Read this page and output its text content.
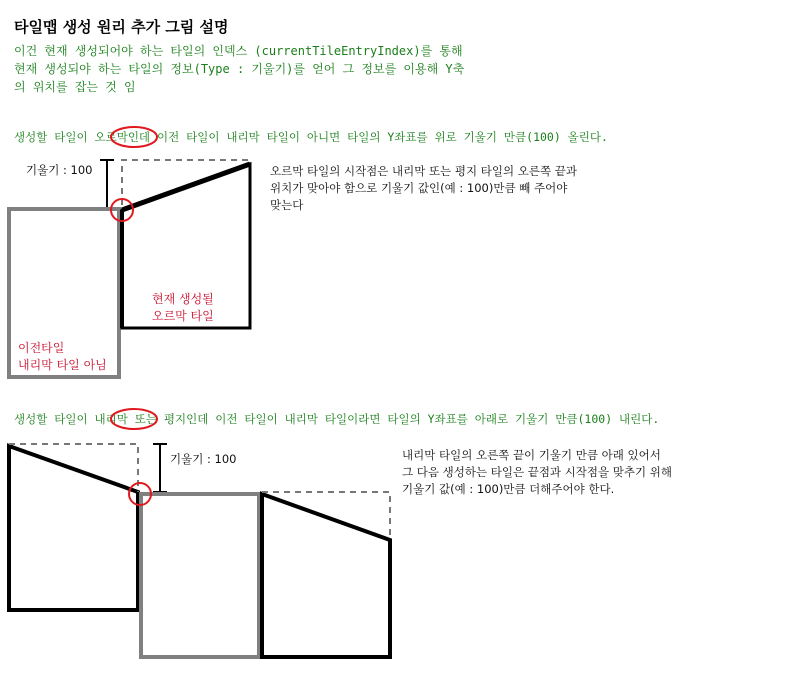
타일맵 생성 원리 추가 그림 설명
이건 현재 생성되어야 하는 타일의 인덱스 (currentTileEntryIndex)를 통해
현재 생성되야 하는 타일의 정보(Type : 기울기)를 얻어 그 정보를 이용해 Y축
의 위치를 잡는 것 임
생성할 타일이 오르막인데 이전 타일이 내리막 타일이 아니면 타일의 Y좌표를 위로 기울기 만큼(100) 올린다.
기울기 : 100	오르막 타일의 시작점은 내리막 또는 평지 타일의 오른쪽 끝과
위치가 맞아야 함으로 기울기 값인(예 : 100)만큼 빼 주어야
맞는다
현재 생성될
오르막 타일
이전타일
내리막 타일 아님
생성할 타일이 내리막 또는 평지인데 이전 타일이 내리막 타일이라면 타일의 Y좌표를 아래로 기울기 만큼(100) 내린다.
기울기 : 100	내리막 타일의 오른쪽 끝이 기울기 만큼 아래 있어서
그 다음 생성하는 타일은 끝점과 시작점을 맞추기 위해
기울기 값(예 : 100)만큼 더해주어야 한다.
